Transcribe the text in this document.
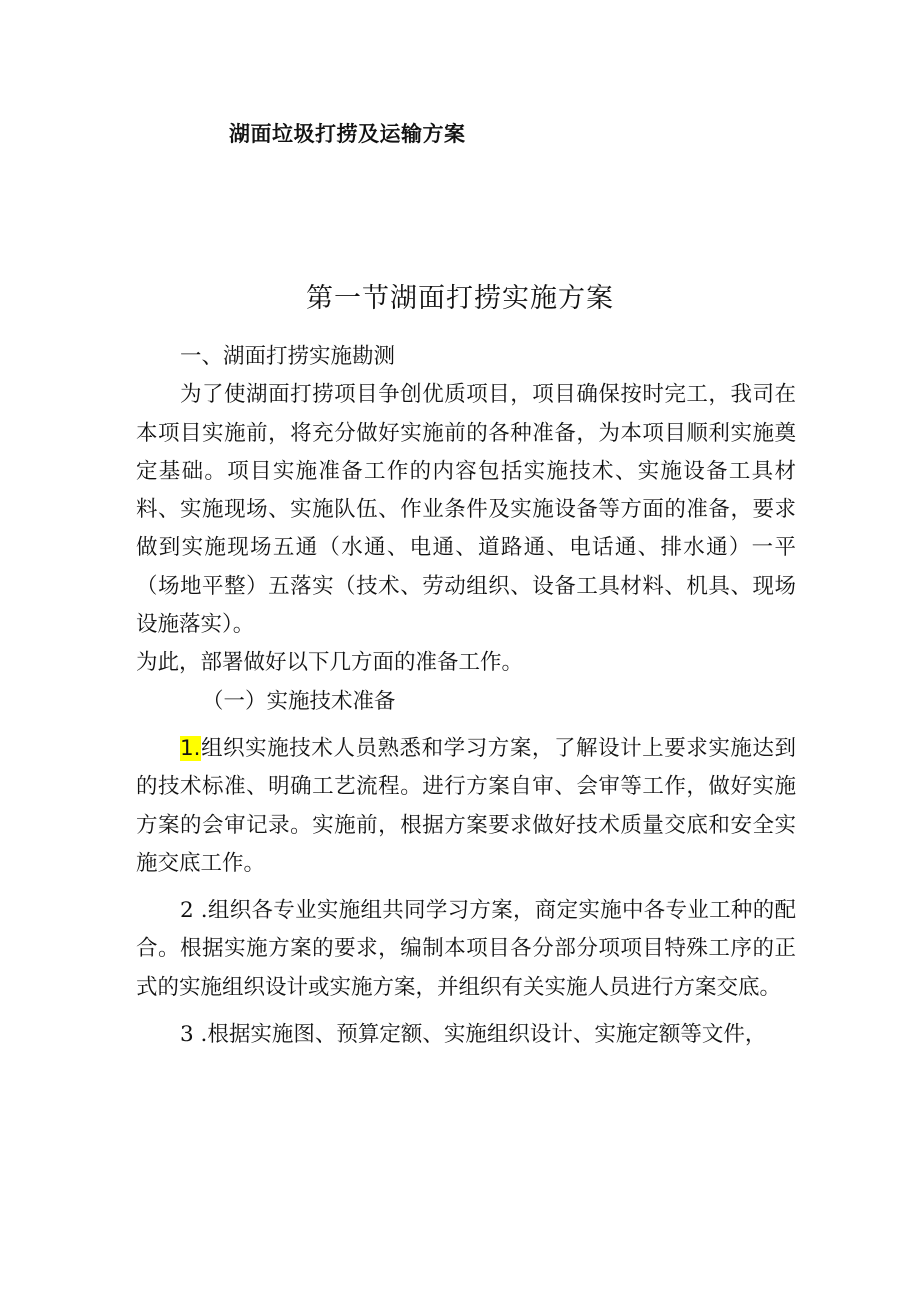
湖面垃圾打捞及运输方案
第一节湖面打捞实施方案

一、湖面打捞实施勘测

为了使湖面打捞项目争创优质项目，项目确保按时完工，我司在本项目实施前，将充分做好实施前的各种准备，为本项目顺利实施奠定基础。项目实施准备工作的内容包括实施技术、实施设备工具材料、实施现场、实施队伍、作业条件及实施设备等方面的准备，要求做到实施现场五通（水通、电通、道路通、电话通、排水通）一平（场地平整）五落实（技术、劳动组织、设备工具材料、机具、现场设施落实）。

为此，部署做好以下几方面的准备工作。

（一）实施技术准备

1.组织实施技术人员熟悉和学习方案，了解设计上要求实施达到的技术标准、明确工艺流程。进行方案自审、会审等工作，做好实施方案的会审记录。实施前，根据方案要求做好技术质量交底和安全实施交底工作。

2 .组织各专业实施组共同学习方案，商定实施中各专业工种的配合。根据实施方案的要求，编制本项目各分部分项项目特殊工序的正式的实施组织设计或实施方案，并组织有关实施人员进行方案交底。

3 .根据实施图、预算定额、实施组织设计、实施定额等文件，
